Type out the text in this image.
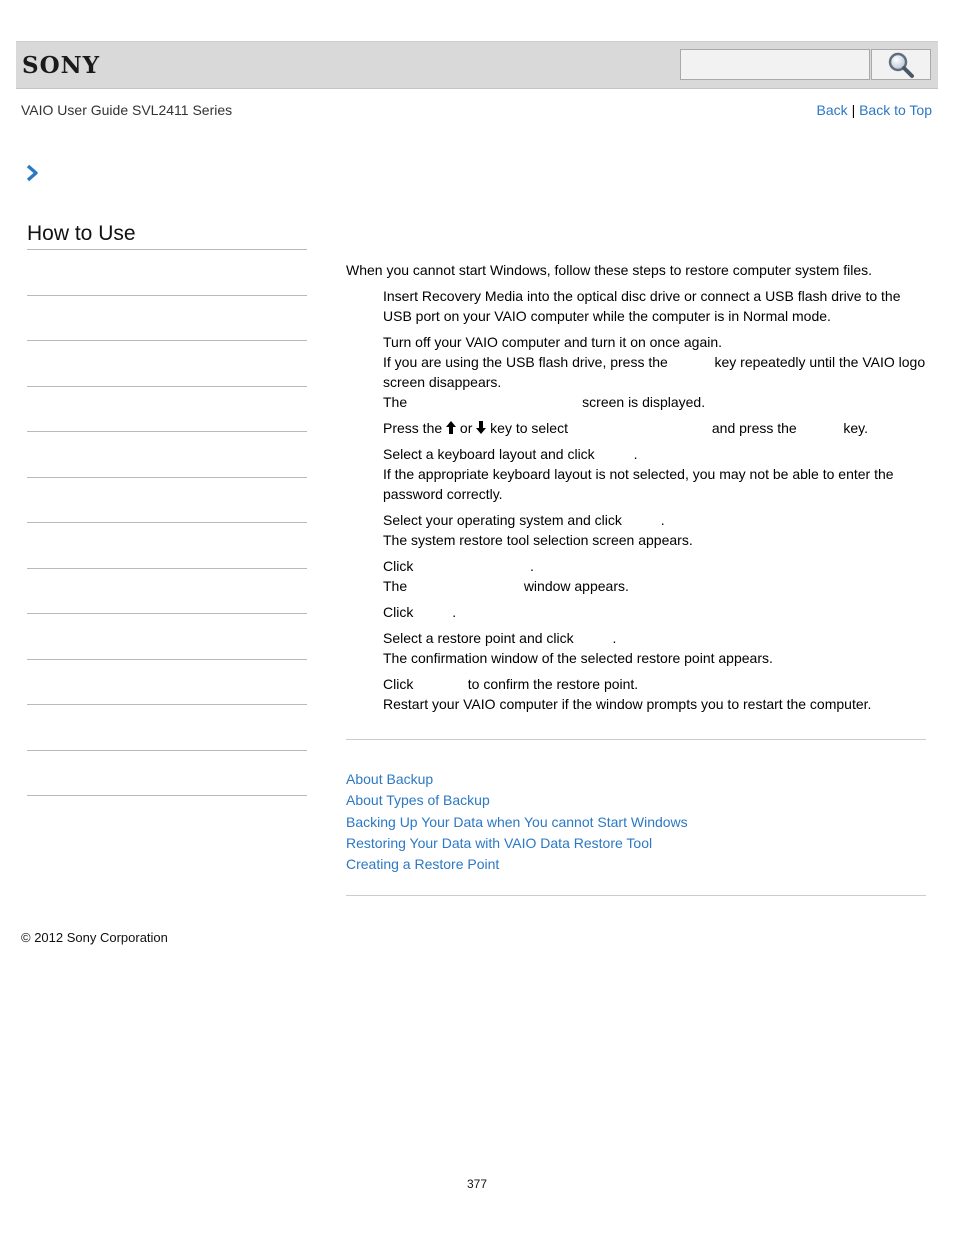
SONY
VAIO User Guide SVL2411 Series	Back | Back to Top
How to Use
When you cannot start Windows, follow these steps to restore computer system files.

Insert Recovery Media into the optical disc drive or connect a USB flash drive to the

USB port on your VAIO computer while the computer is in Normal mode.

Turn off your VAIO computer and turn it on once again.

If you are using the USB flash drive, press the            key repeatedly until the VAIO logo

screen disappears.

The                                             screen is displayed.

Press the  or  key to select                                     and press the            key.

Select a keyboard layout and click          .

If the appropriate keyboard layout is not selected, you may not be able to enter the

password correctly.

Select your operating system and click          .

The system restore tool selection screen appears.

Click                              .

The                              window appears.

Click          .

Select a restore point and click          .

The confirmation window of the selected restore point appears.

Click              to confirm the restore point.

Restart your VAIO computer if the window prompts you to restart the computer.

About Backup
About Types of Backup
Backing Up Your Data when You cannot Start Windows
Restoring Your Data with VAIO Data Restore Tool
Creating a Restore Point
© 2012 Sony Corporation
377
